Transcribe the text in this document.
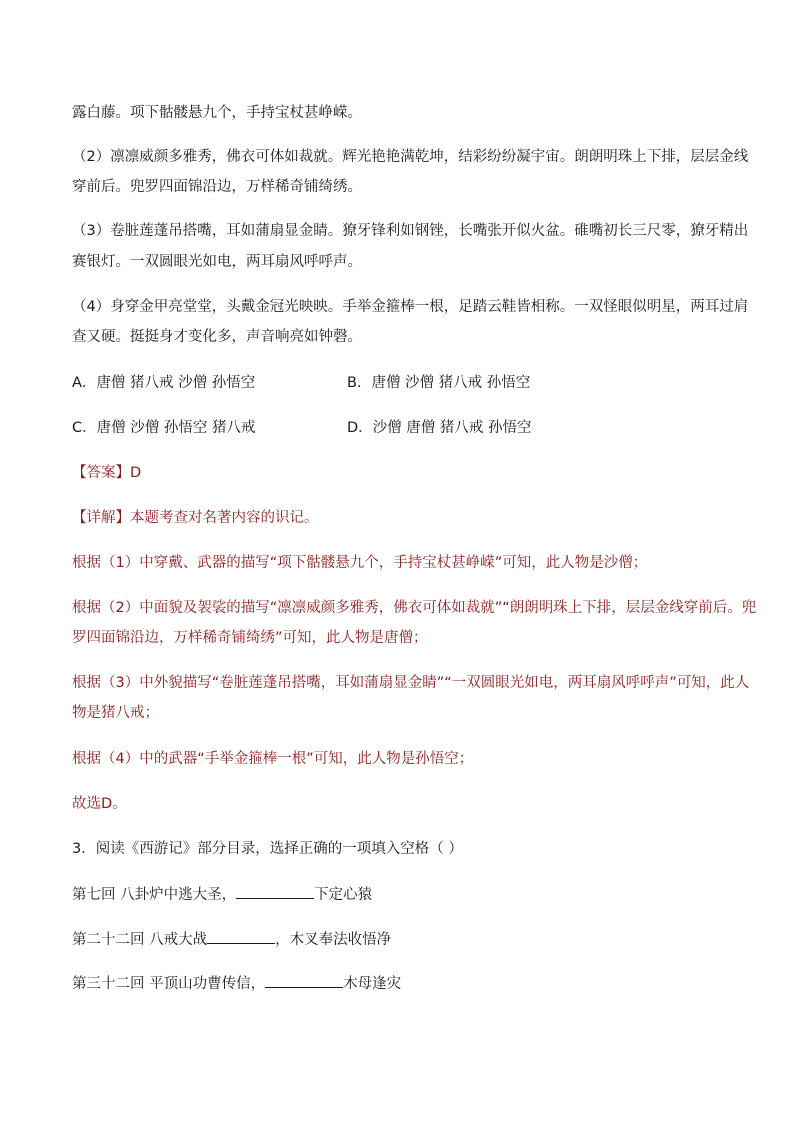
露白藤。项下骷髅悬九个，手持宝杖甚峥嵘。
（2）凛凛威颜多雅秀，佛衣可体如裁就。辉光艳艳满乾坤，结彩纷纷凝宇宙。朗朗明珠上下排，层层金线
穿前后。兜罗四面锦沿边，万样稀奇铺绮绣。
（3）卷脏莲蓬吊搭嘴，耳如蒲扇显金睛。獠牙锋利如钢锉，长嘴张开似火盆。碓嘴初长三尺零，獠牙精出
赛银灯。一双圆眼光如电，两耳扇风呼呼声。
（4）身穿金甲亮堂堂，头戴金冠光映映。手举金箍棒一根，足踏云鞋皆相称。一双怪眼似明星，两耳过肩
查又硬。挺挺身才变化多，声音响亮如钟磬。
A．唐僧 猪八戒 沙僧 孙悟空	B．唐僧 沙僧 猪八戒 孙悟空
C．唐僧 沙僧 孙悟空 猪八戒	D．沙僧 唐僧 猪八戒 孙悟空
【答案】D
【详解】本题考查对名著内容的识记。
根据（1）中穿戴、武器的描写“项下骷髅悬九个，手持宝杖甚峥嵘”可知，此人物是沙僧；
根据（2）中面貌及袈裟的描写“凛凛威颜多雅秀，佛衣可体如裁就”“朗朗明珠上下排，层层金线穿前后。兜
罗四面锦沿边，万样稀奇铺绮绣”可知，此人物是唐僧；
根据（3）中外貌描写“卷脏莲蓬吊搭嘴，耳如蒲扇显金睛”“一双圆眼光如电，两耳扇风呼呼声”可知，此人
物是猪八戒；
根据（4）中的武器“手举金箍棒一根”可知，此人物是孙悟空；
故选D。
3．阅读《西游记》部分目录，选择正确的一项填入空格（ ）
第七回 八卦炉中逃大圣，	下定心猿
第二十二回 八戒大战	，木叉奉法收悟净
第三十二回 平顶山功曹传信，	木母逢灾
